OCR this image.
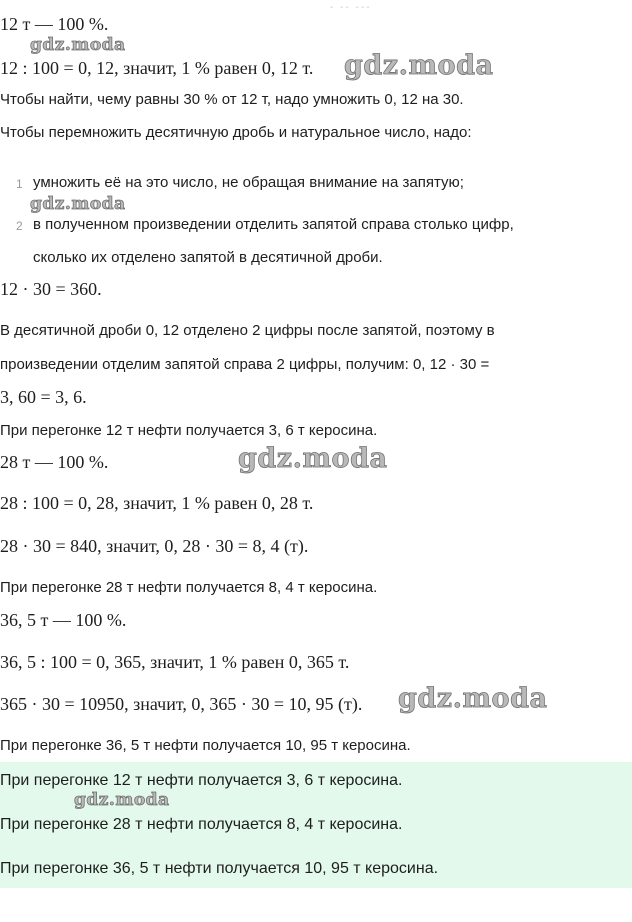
- -- ---
12 т — 100 %.
gdz.moda
12 : 100 = 0, 12, значит, 1 % равен 0, 12 т. gdz.moda
Чтобы найти, чему равны 30 % от 12 т, надо умножить 0, 12 на 30.
Чтобы перемножить десятичную дробь и натуральное число, надо:
1 умножить её на это число, не обращая внимание на запятую;
gdz.moda
2 в полученном произведении отделить запятой справа столько цифр,
сколько их отделено запятой в десятичной дроби.
12 · 30 = 360.
В десятичной дроби 0, 12 отделено 2 цифры после запятой, поэтому в
произведении отделим запятой справа 2 цифры, получим: 0, 12 · 30 =
3, 60 = 3, 6.
При перегонке 12 т нефти получается 3, 6 т керосина.
28 т — 100 %.	gdz.moda
28 : 100 = 0, 28, значит, 1 % равен 0, 28 т.
28 · 30 = 840, значит, 0, 28 · 30 = 8, 4 (т).
При перегонке 28 т нефти получается 8, 4 т керосина.
36, 5 т — 100 %.
36, 5 : 100 = 0, 365, значит, 1 % равен 0, 365 т.
365 · 30 = 10950, значит, 0, 365 · 30 = 10, 95 (т). gdz.moda
При перегонке 36, 5 т нефти получается 10, 95 т керосина.
При перегонке 12 т нефти получается 3, 6 т керосина.
gdz.moda
При перегонке 28 т нефти получается 8, 4 т керосина.
При перегонке 36, 5 т нефти получается 10, 95 т керосина.
